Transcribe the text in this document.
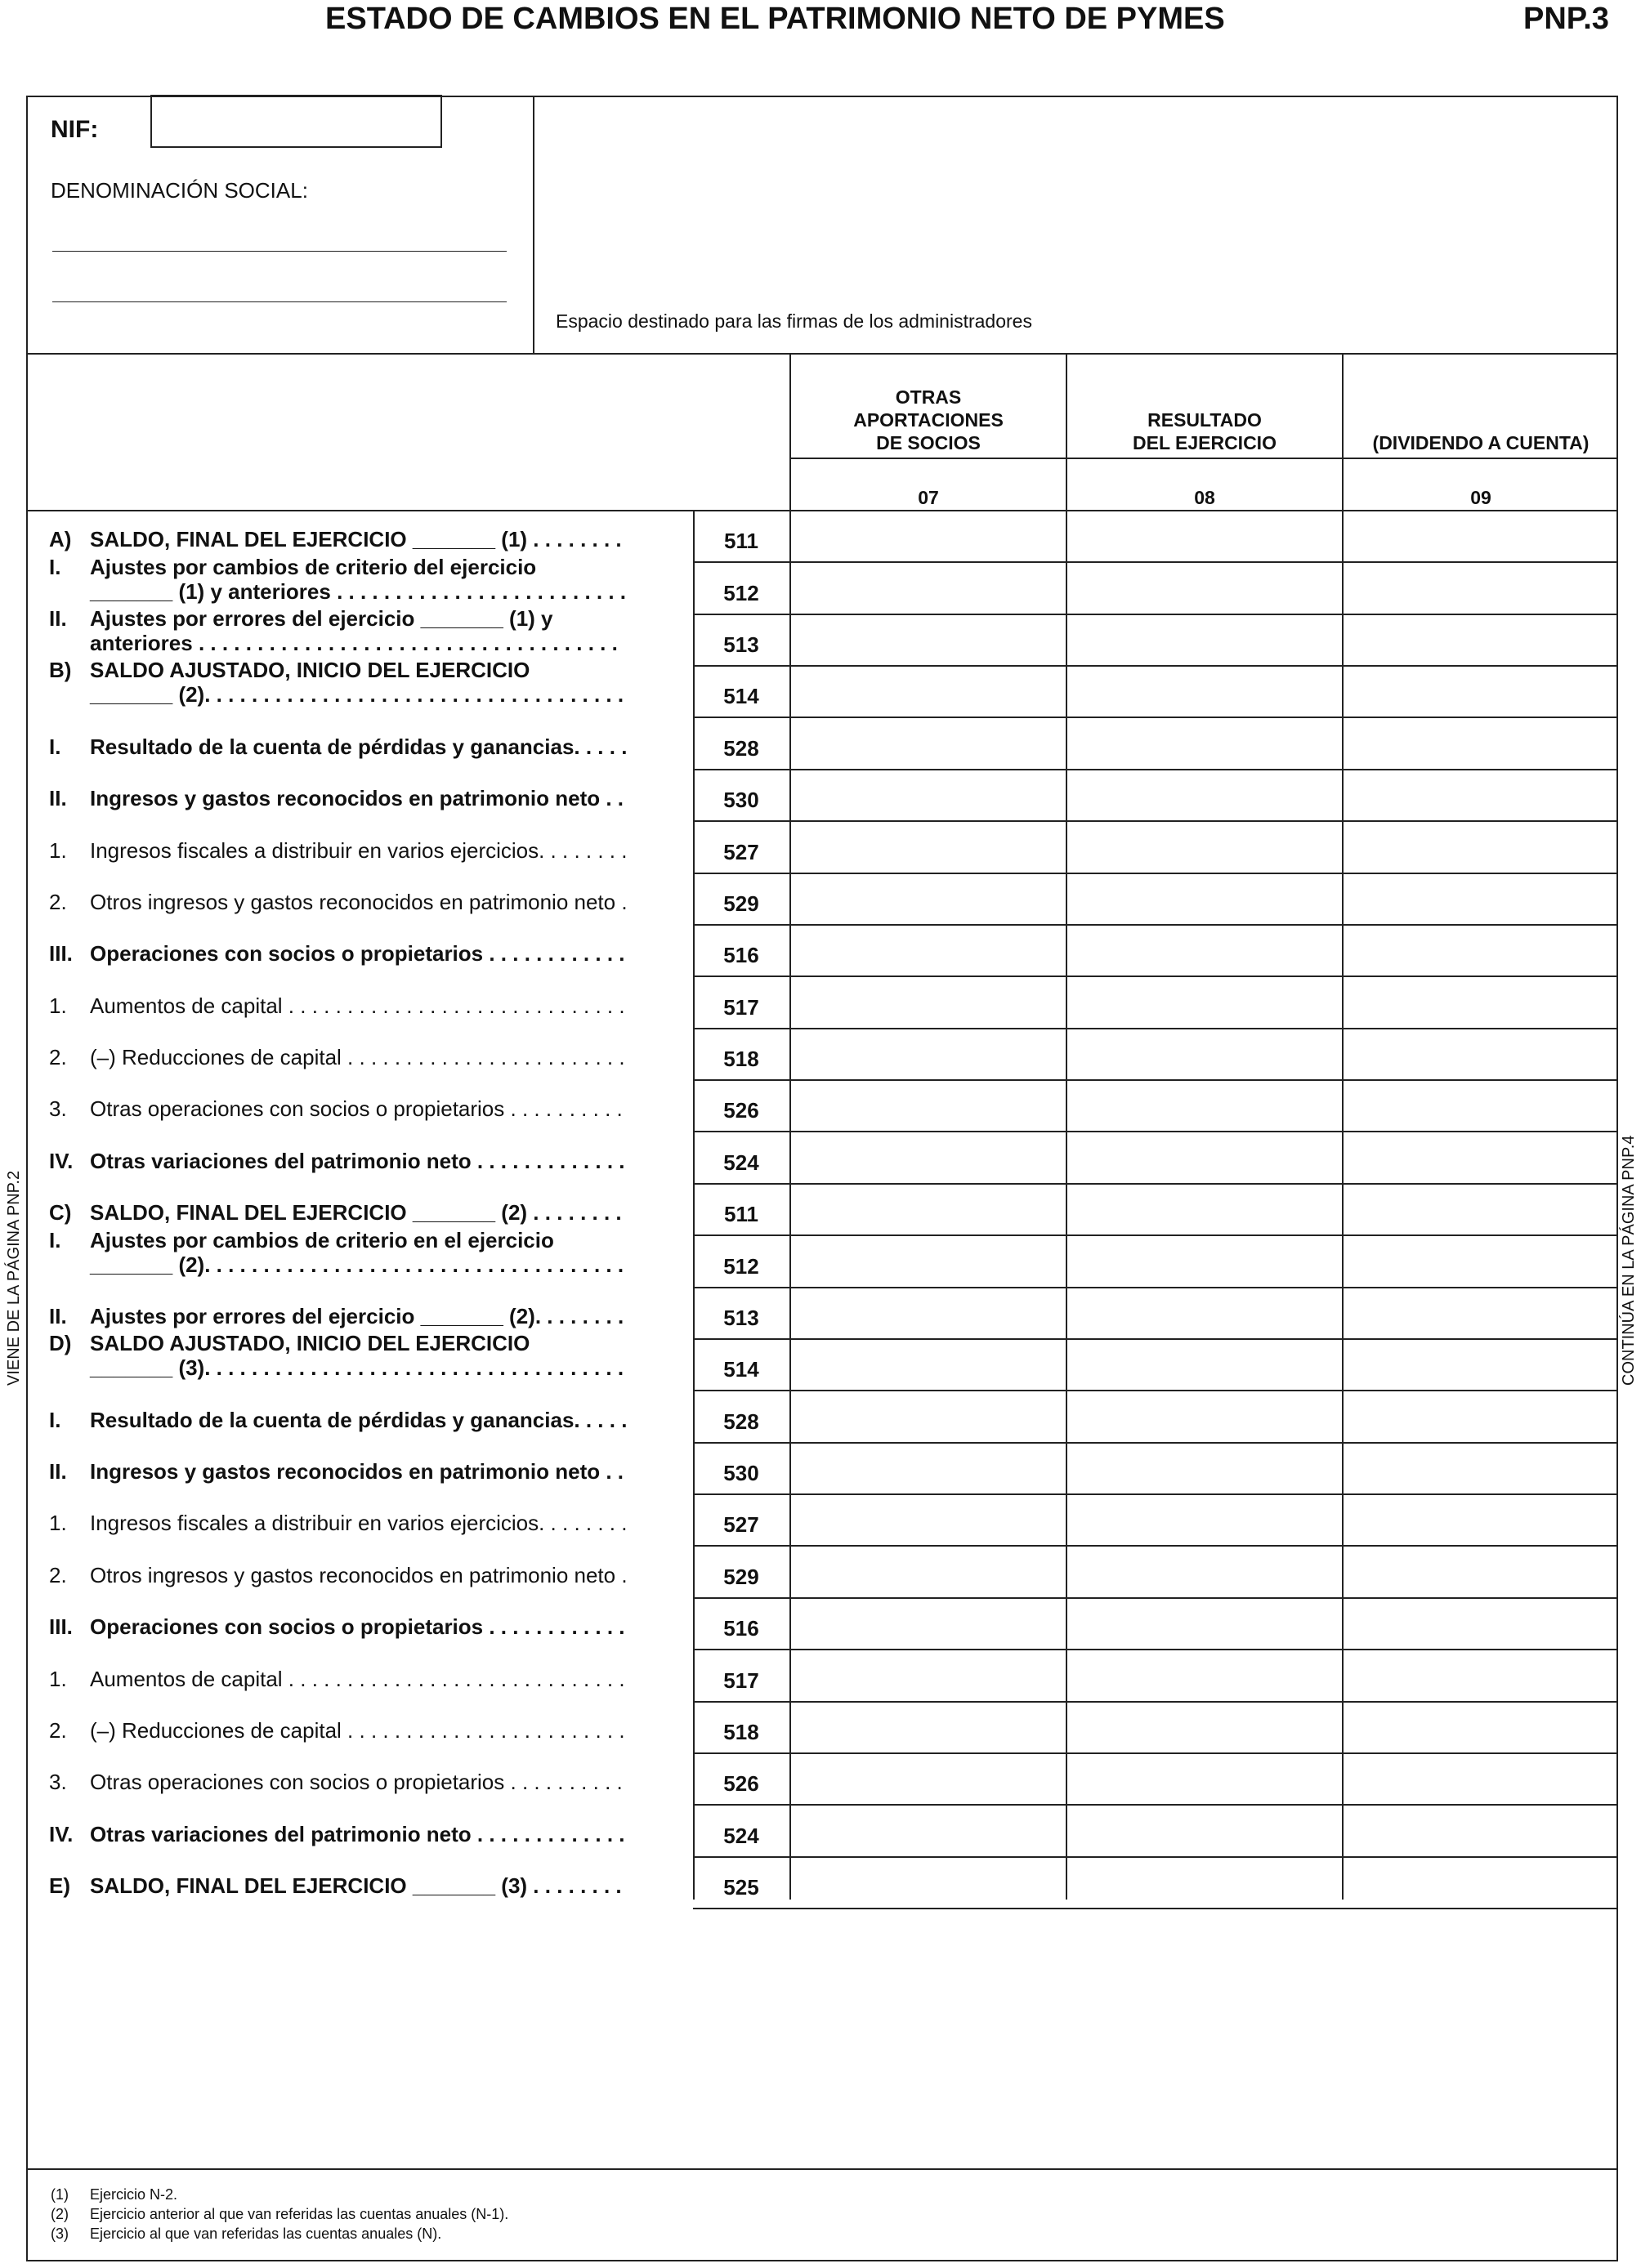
ESTADO DE CAMBIOS EN EL PATRIMONIO NETO DE PYMES	PNP.3
NIF:
DENOMINACIÓN SOCIAL:
Espacio destinado para las firmas de los administradores
OTRAS
APORTACIONES
DE SOCIOS
RESULTADO
DEL EJERCICIO	(DIVIDENDO A CUENTA)
07	08	09
A) SALDO, FINAL DEL EJERCICIO _______ (1) . . . . . . . .	511
I.	Ajustes por cambios de criterio del ejercicio
_______ (1) y anteriores . . . . . . . . . . . . . . . . . . . . . . . . .	512
II.	Ajustes por errores del ejercicio _______ (1) y
anteriores . . . . . . . . . . . . . . . . . . . . . . . . . . . . . . . . . . . .	513
B) SALDO AJUSTADO, INICIO DEL EJERCICIO
_______ (2). . . . . . . . . . . . . . . . . . . . . . . . . . . . . . . . . . . .	514
I.	Resultado de la cuenta de pérdidas y ganancias. . . . .	528
II.	Ingresos y gastos reconocidos en patrimonio neto . .	530
1.	Ingresos fiscales a distribuir en varios ejercicios. . . . . . . .	527
2.	Otros ingresos y gastos reconocidos en patrimonio neto .	529
III. Operaciones con socios o propietarios . . . . . . . . . . . .	516
1.	Aumentos de capital . . . . . . . . . . . . . . . . . . . . . . . . . . . . .	517
2.	(–) Reducciones de capital . . . . . . . . . . . . . . . . . . . . . . . .	518
3.	Otras operaciones con socios o propietarios . . . . . . . . . .	526
IV. Otras variaciones del patrimonio neto . . . . . . . . . . . . .	524
C) SALDO, FINAL DEL EJERCICIO _______ (2) . . . . . . . .	511
I.	Ajustes por cambios de criterio en el ejercicio
_______ (2). . . . . . . . . . . . . . . . . . . . . . . . . . . . . . . . . . . .	512
II.	Ajustes por errores del ejercicio _______ (2). . . . . . . .	513
D) SALDO AJUSTADO, INICIO DEL EJERCICIO
_______ (3). . . . . . . . . . . . . . . . . . . . . . . . . . . . . . . . . . . .	514
I.	Resultado de la cuenta de pérdidas y ganancias. . . . .	528
II.	Ingresos y gastos reconocidos en patrimonio neto . .	530
1.	Ingresos fiscales a distribuir en varios ejercicios. . . . . . . .	527
2.	Otros ingresos y gastos reconocidos en patrimonio neto .	529
III. Operaciones con socios o propietarios . . . . . . . . . . . .	516
1.	Aumentos de capital . . . . . . . . . . . . . . . . . . . . . . . . . . . . .	517
2.	(–) Reducciones de capital . . . . . . . . . . . . . . . . . . . . . . . .	518
3.	Otras operaciones con socios o propietarios . . . . . . . . . .	526
IV. Otras variaciones del patrimonio neto . . . . . . . . . . . . .	524
E) SALDO, FINAL DEL EJERCICIO _______ (3) . . . . . . . .	525
(1) Ejercicio N-2.
(2) Ejercicio anterior al que van referidas las cuentas anuales (N-1).
(3) Ejercicio al que van referidas las cuentas anuales (N).
VIENE DE LA PÁGINA PNP.2	CONTINÚA EN LA PÁGINA PNP.4
